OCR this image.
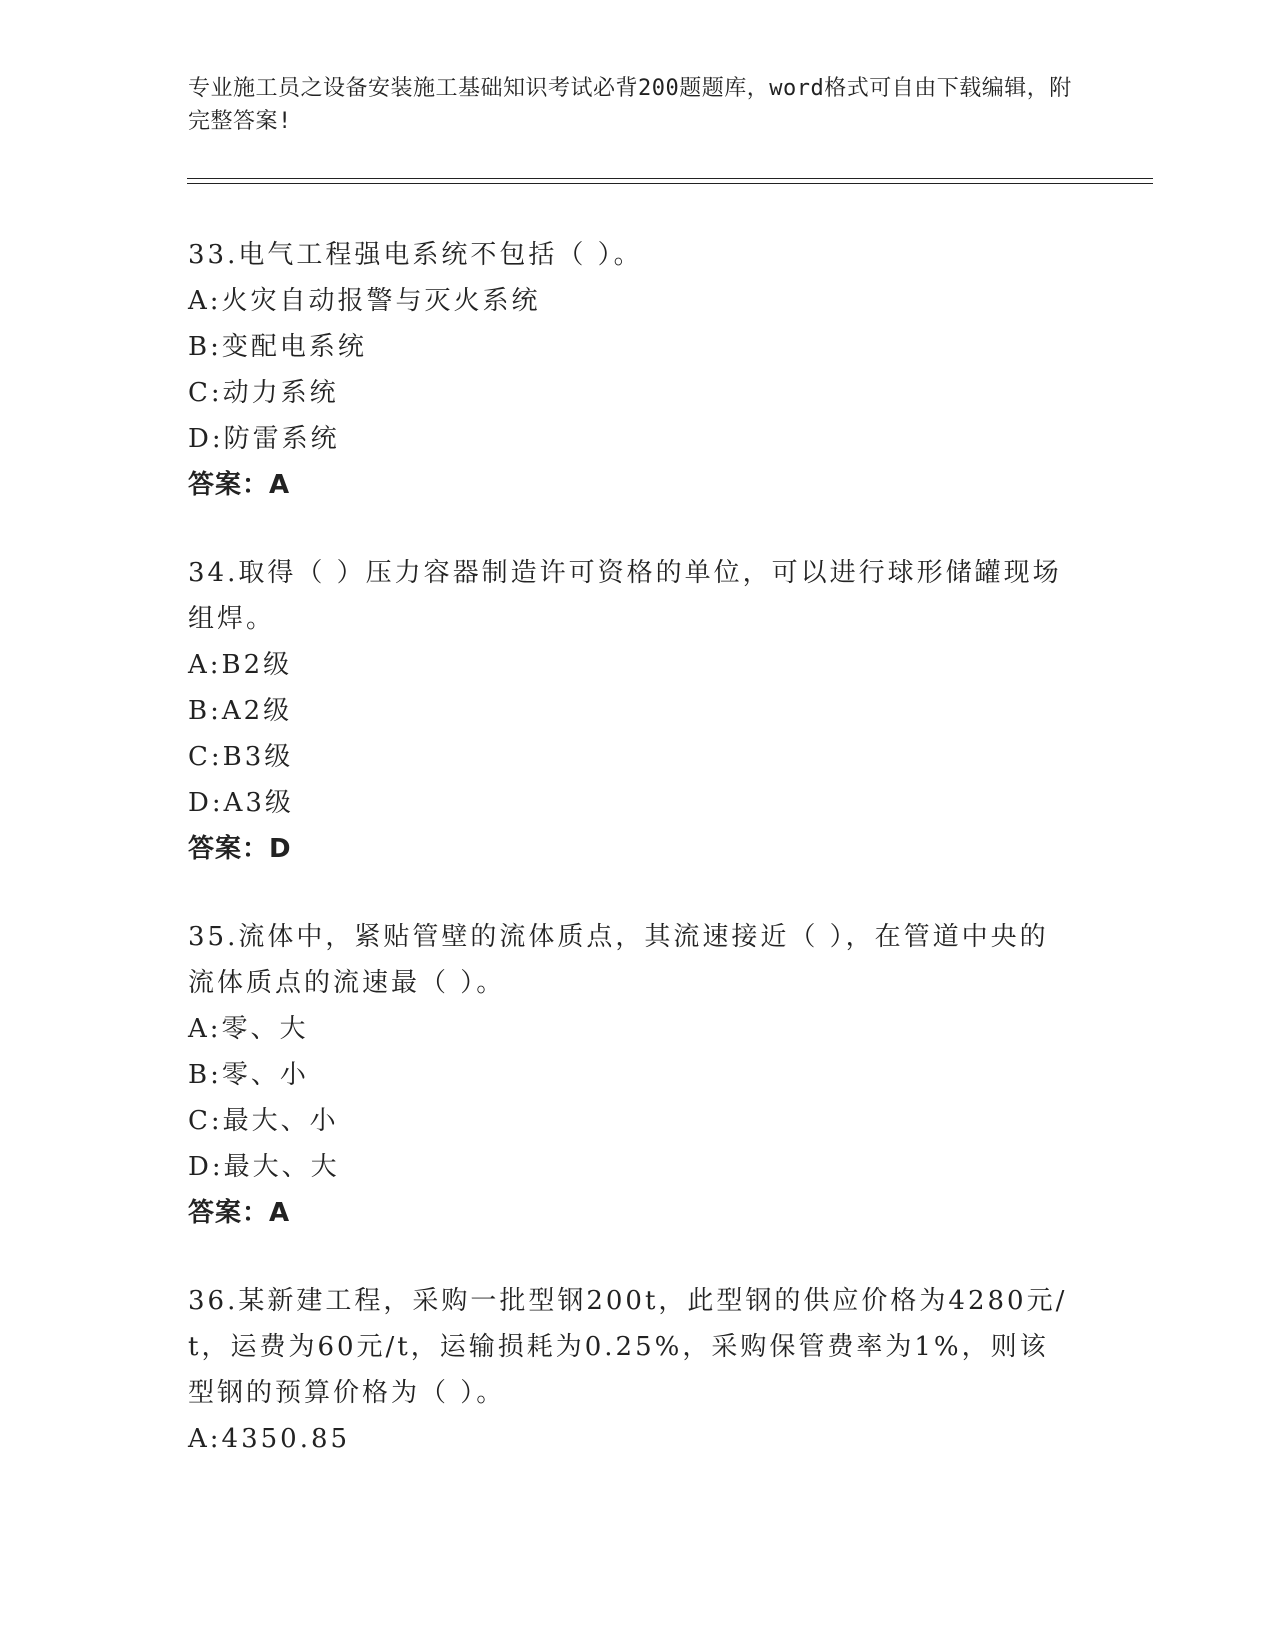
专业施工员之设备安装施工基础知识考试必背200题题库，word格式可自由下载编辑，附完整答案!

33.电气工程强电系统不包括（ ）。

A:火灾自动报警与灭火系统

B:变配电系统

C:动力系统

D:防雷系统

答案：A

34.取得（ ）压力容器制造许可资格的单位，可以进行球形储罐现场组焊。

A:B2级

B:A2级

C:B3级

D:A3级

答案：D

35.流体中，紧贴管壁的流体质点，其流速接近（ ），在管道中央的流体质点的流速最（ ）。

A:零、大

B:零、小

C:最大、小

D:最大、大

答案：A

36.某新建工程，采购一批型钢200t，此型钢的供应价格为4280元/t，运费为60元/t，运输损耗为0.25%，采购保管费率为1%，则该型钢的预算价格为（ ）。

A:4350.85
